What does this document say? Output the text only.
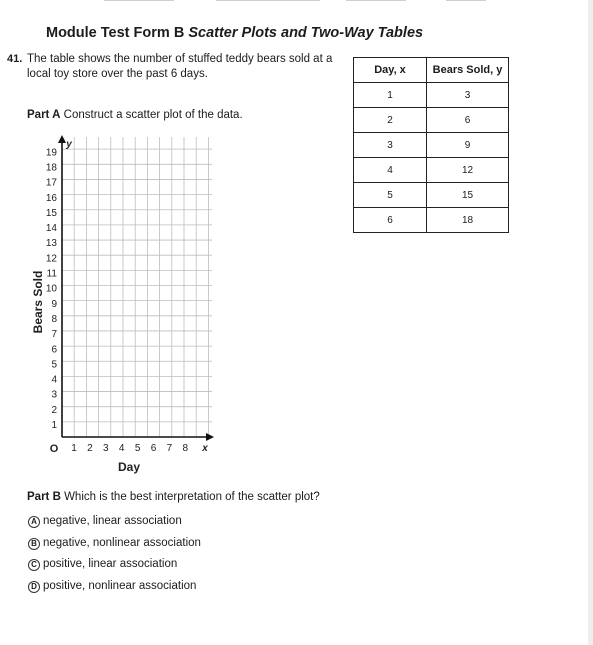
Module Test Form B Scatter Plots and Two-Way Tables
41. The table shows the number of stuffed teddy bears sold at a local toy store over the past 6 days.	Day, x	Bears Sold, y
1	3
2	6
3	9
4	12
5	15
6	18
Part A Construct a scatter plot of the data.
1 2 3 4 5 6 7 8
1
2
3
4
5
6
7
8
9
10
11
12
13
14
15
16
17
18
19
O	x
y
Day
Bears Sold
Part B Which is the best interpretation of the scatter plot?
A negative, linear association
B negative, nonlinear association
C positive, linear association
D positive, nonlinear association
